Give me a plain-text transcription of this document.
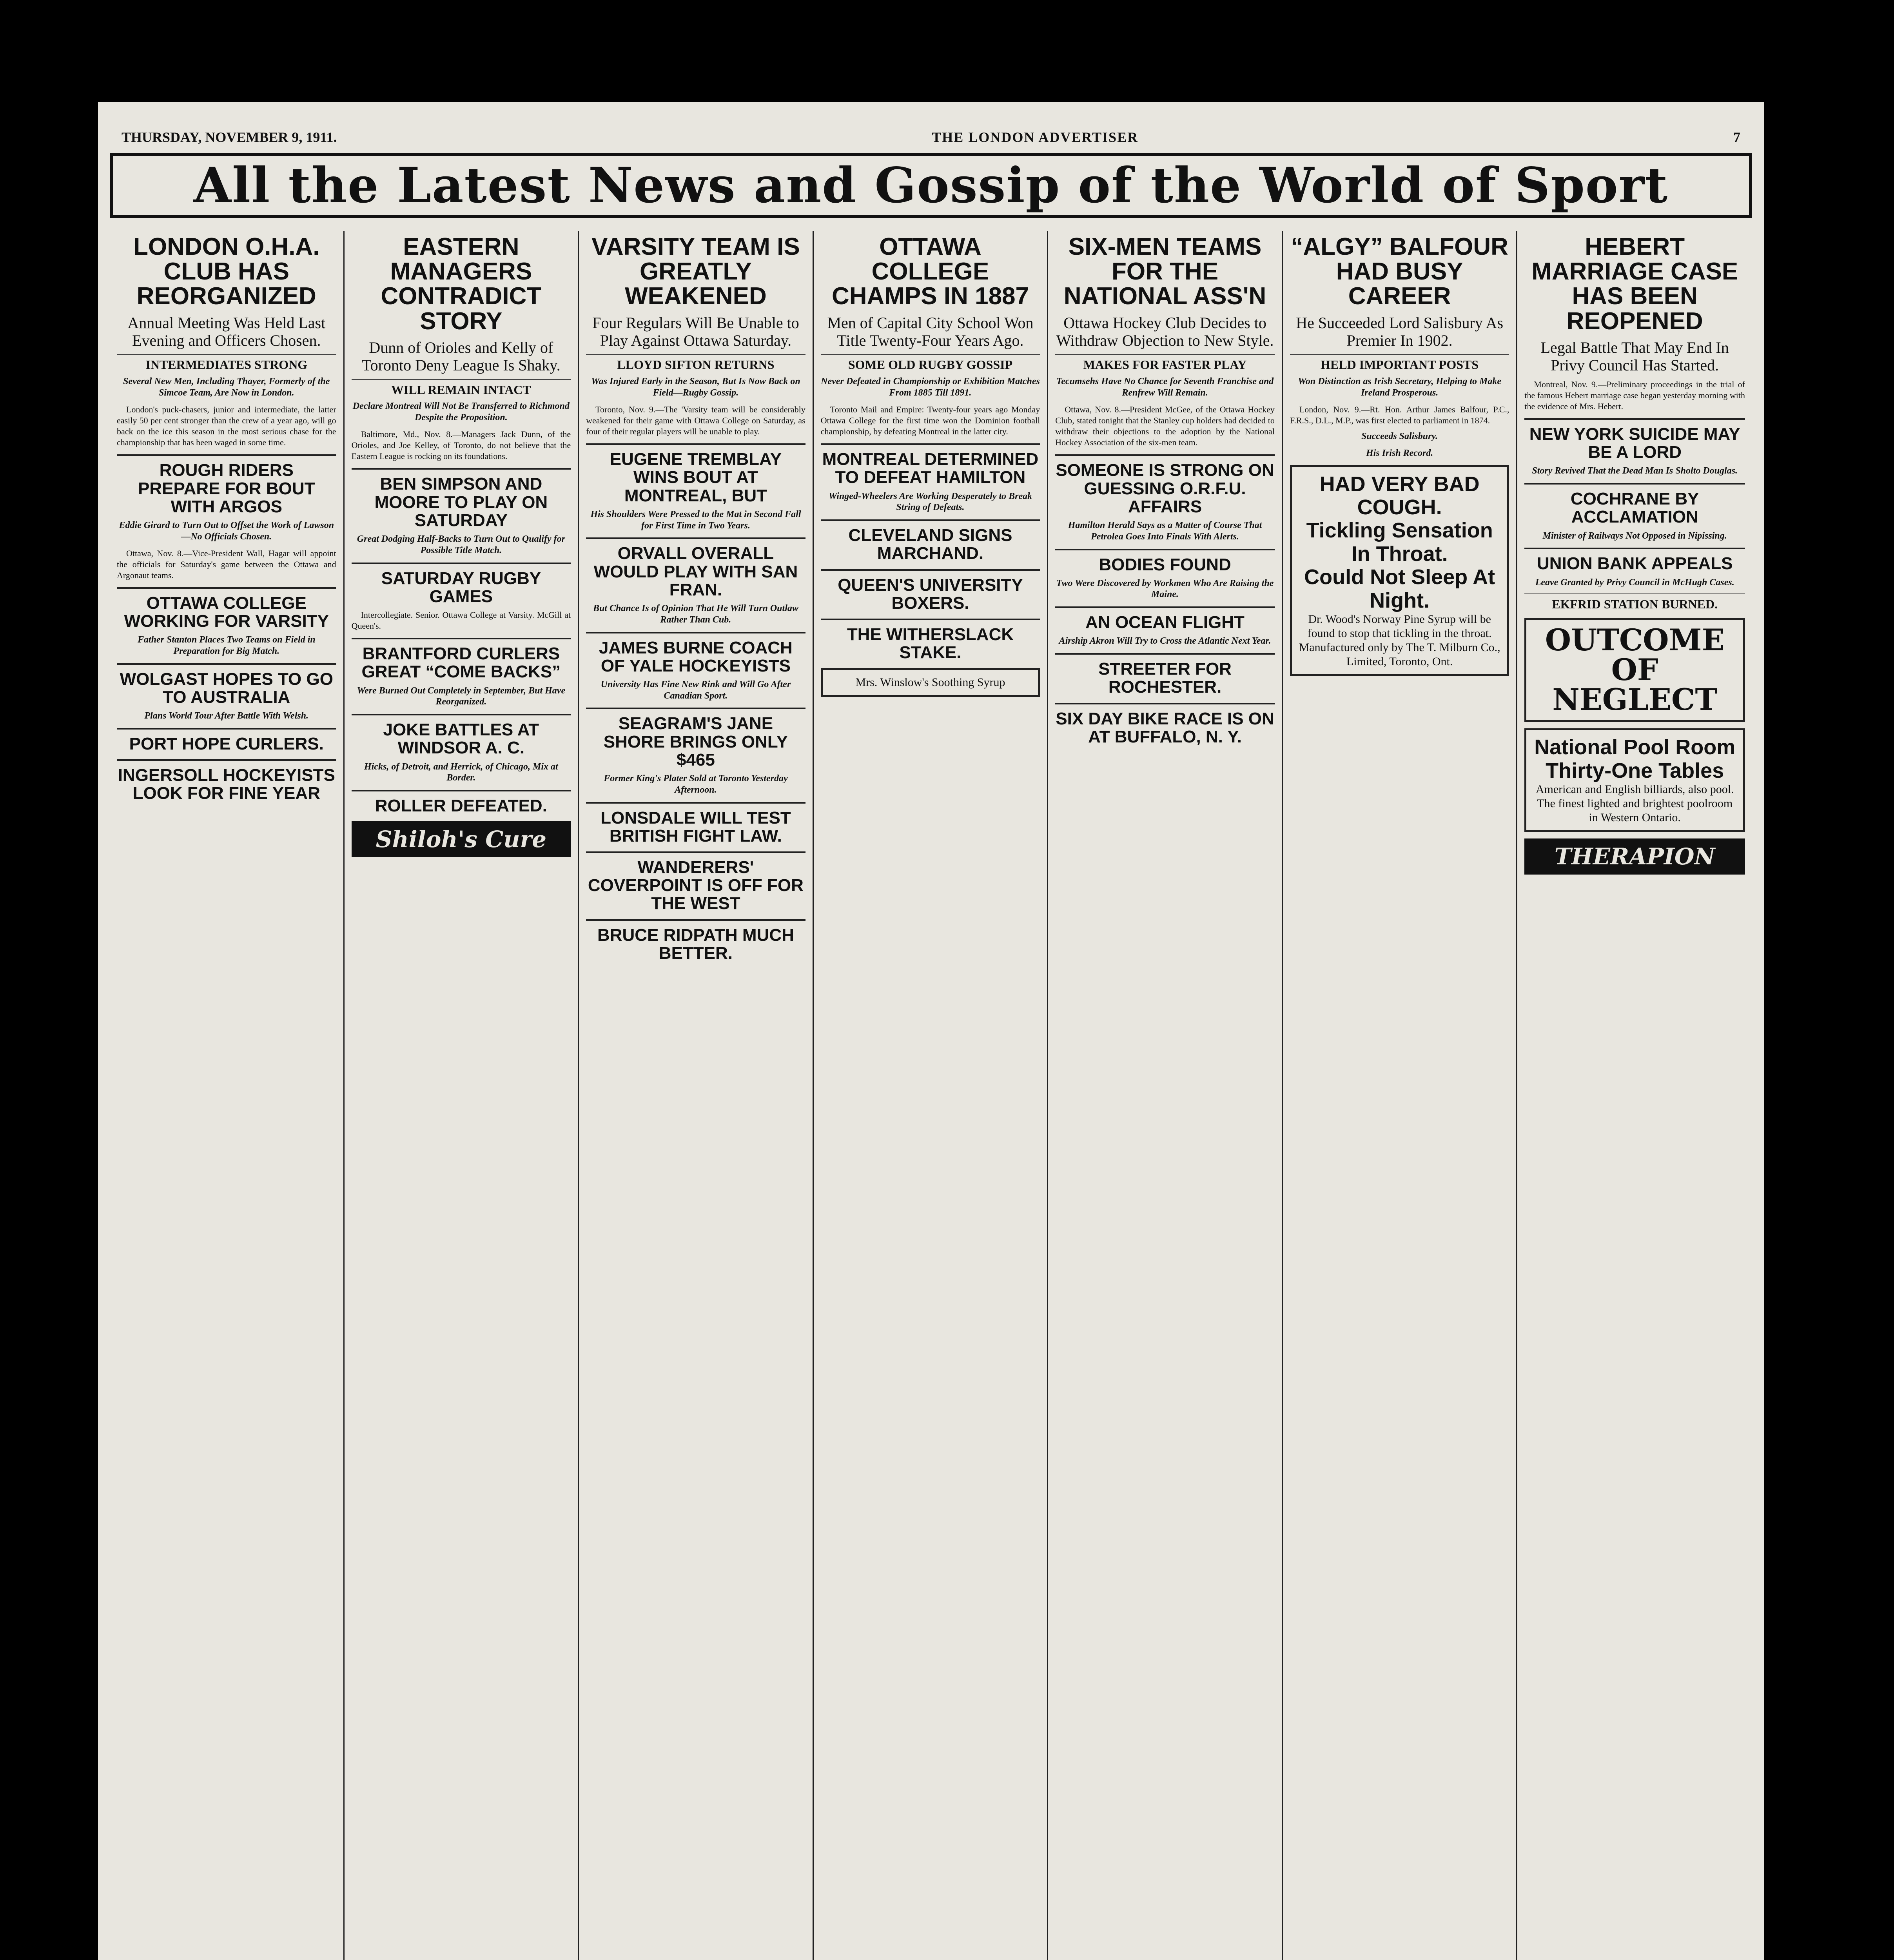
THURSDAY, NOVEMBER 9, 1911.	THE LONDON ADVERTISER	7
All the Latest News and Gossip of the World of Sport
LONDON O.H.A. CLUB HAS REORGANIZED
Annual Meeting Was Held Last Evening and Officers Chosen.
INTERMEDIATES STRONG
Several New Men, Including Thayer, Formerly of the Simcoe Team, Are Now in London.

London's puck-chasers, junior and intermediate, the latter easily 50 per cent stronger than the crew of a year ago, will go back on the ice this season in the most serious chase for the championship that has been waged in some time.

ROUGH RIDERS PREPARE FOR BOUT WITH ARGOS
Eddie Girard to Turn Out to Offset the Work of Lawson—No Officials Chosen.

Ottawa, Nov. 8.—Vice-President Wall, Hagar will appoint the officials for Saturday's game between the Ottawa and Argonaut teams.

OTTAWA COLLEGE WORKING FOR VARSITY
Father Stanton Places Two Teams on Field in Preparation for Big Match.
WOLGAST HOPES TO GO TO AUSTRALIA
Plans World Tour After Battle With Welsh.
PORT HOPE CURLERS.
INGERSOLL HOCKEYISTS LOOK FOR FINE YEAR
EASTERN MANAGERS CONTRADICT STORY
Dunn of Orioles and Kelly of Toronto Deny League Is Shaky.
WILL REMAIN INTACT
Declare Montreal Will Not Be Transferred to Richmond Despite the Proposition.

Baltimore, Md., Nov. 8.—Managers Jack Dunn, of the Orioles, and Joe Kelley, of Toronto, do not believe that the Eastern League is rocking on its foundations.

BEN SIMPSON AND MOORE TO PLAY ON SATURDAY
Great Dodging Half-Backs to Turn Out to Qualify for Possible Title Match.
SATURDAY RUGBY GAMES

Intercollegiate. Senior. Ottawa College at Varsity. McGill at Queen's.

BRANTFORD CURLERS GREAT “COME BACKS”
Were Burned Out Completely in September, But Have Reorganized.
JOKE BATTLES AT WINDSOR A. C.
Hicks, of Detroit, and Herrick, of Chicago, Mix at Border.
ROLLER DEFEATED.
Shiloh's Cure
VARSITY TEAM IS GREATLY WEAKENED
Four Regulars Will Be Unable to Play Against Ottawa Saturday.
LLOYD SIFTON RETURNS
Was Injured Early in the Season, But Is Now Back on Field—Rugby Gossip.

Toronto, Nov. 9.—The 'Varsity team will be considerably weakened for their game with Ottawa College on Saturday, as four of their regular players will be unable to play.

EUGENE TREMBLAY WINS BOUT AT MONTREAL, BUT
His Shoulders Were Pressed to the Mat in Second Fall for First Time in Two Years.
ORVALL OVERALL WOULD PLAY WITH SAN FRAN.
But Chance Is of Opinion That He Will Turn Outlaw Rather Than Cub.
JAMES BURNE COACH OF YALE HOCKEYISTS
University Has Fine New Rink and Will Go After Canadian Sport.
SEAGRAM'S JANE SHORE BRINGS ONLY $465
Former King's Plater Sold at Toronto Yesterday Afternoon.
LONSDALE WILL TEST BRITISH FIGHT LAW.
WANDERERS' COVERPOINT IS OFF FOR THE WEST
BRUCE RIDPATH MUCH BETTER.
OTTAWA COLLEGE CHAMPS IN 1887
Men of Capital City School Won Title Twenty-Four Years Ago.
SOME OLD RUGBY GOSSIP
Never Defeated in Championship or Exhibition Matches From 1885 Till 1891.

Toronto Mail and Empire: Twenty-four years ago Monday Ottawa College for the first time won the Dominion football championship, by defeating Montreal in the latter city.

MONTREAL DETERMINED TO DEFEAT HAMILTON
Winged-Wheelers Are Working Desperately to Break String of Defeats.
CLEVELAND SIGNS MARCHAND.
QUEEN'S UNIVERSITY BOXERS.
THE WITHERSLACK STAKE.
Mrs. Winslow's Soothing Syrup
SIX-MEN TEAMS FOR THE NATIONAL ASS'N
Ottawa Hockey Club Decides to Withdraw Objection to New Style.
MAKES FOR FASTER PLAY
Tecumsehs Have No Chance for Seventh Franchise and Renfrew Will Remain.

Ottawa, Nov. 8.—President McGee, of the Ottawa Hockey Club, stated tonight that the Stanley cup holders had decided to withdraw their objections to the adoption by the National Hockey Association of the six-men team.

SOMEONE IS STRONG ON GUESSING O.R.F.U. AFFAIRS
Hamilton Herald Says as a Matter of Course That Petrolea Goes Into Finals With Alerts.
BODIES FOUND
Two Were Discovered by Workmen Who Are Raising the Maine.
AN OCEAN FLIGHT
Airship Akron Will Try to Cross the Atlantic Next Year.
STREETER FOR ROCHESTER.
SIX DAY BIKE RACE IS ON AT BUFFALO, N. Y.
“ALGY” BALFOUR HAD BUSY CAREER
He Succeeded Lord Salisbury As Premier In 1902.
HELD IMPORTANT POSTS
Won Distinction as Irish Secretary, Helping to Make Ireland Prosperous.

London, Nov. 9.—Rt. Hon. Arthur James Balfour, P.C., F.R.S., D.L., M.P., was first elected to parliament in 1874.

Succeeds Salisbury.
His Irish Record.
HAD VERY BAD COUGH.
Tickling Sensation In Throat.
Could Not Sleep At Night.
Dr. Wood's Norway Pine Syrup will be found to stop that tickling in the throat. Manufactured only by The T. Milburn Co., Limited, Toronto, Ont.
HEBERT MARRIAGE CASE HAS BEEN REOPENED
Legal Battle That May End In Privy Council Has Started.

Montreal, Nov. 9.—Preliminary proceedings in the trial of the famous Hebert marriage case began yesterday morning with the evidence of Mrs. Hebert.

NEW YORK SUICIDE MAY BE A LORD
Story Revived That the Dead Man Is Sholto Douglas.
COCHRANE BY ACCLAMATION
Minister of Railways Not Opposed in Nipissing.
UNION BANK APPEALS
Leave Granted by Privy Council in McHugh Cases.
EKFRID STATION BURNED.
OUTCOME OF NEGLECT
National Pool Room
Thirty-One Tables
American and English billiards, also pool. The finest lighted and brightest poolroom in Western Ontario.
THERAPION
